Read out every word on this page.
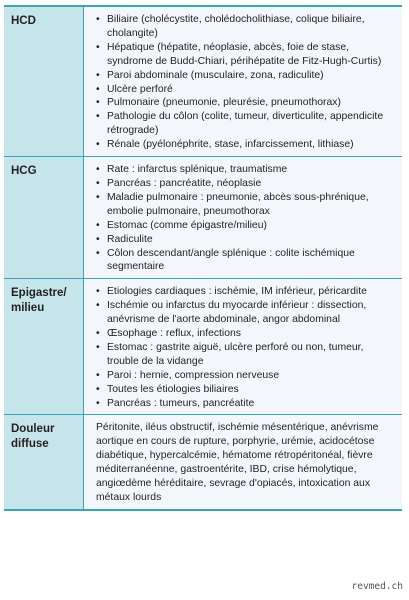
HCD	• Biliaire (cholécystite, cholédocholithiase, colique biliaire, cholangite)
• Hépatique (hépatite, néoplasie, abcès, foie de stase, syndrome de Budd-Chiari, périhépatite de Fitz-Hugh-Curtis)
• Paroi abdominale (musculaire, zona, radiculite)
• Ulcère perforé
• Pulmonaire (pneumonie, pleurésie, pneumothorax)
• Pathologie du côlon (colite, tumeur, diverticulite, appendicite rétrograde)
• Rénale (pyélonéphrite, stase, infarcissement, lithiase)
HCG	• Rate : infarctus splénique, traumatisme
• Pancréas : pancréatite, néoplasie
• Maladie pulmonaire : pneumonie, abcès sous-phrénique, embolie pulmonaire, pneumothorax
• Estomac (comme épigastre/milieu)
• Radiculite
• Côlon descendant/angle splénique : colite ischémique segmentaire
Epigastre/ milieu
• Etiologies cardiaques : ischémie, IM inférieur, péricardite
• Ischémie ou infarctus du myocarde inférieur : dissection, anévrisme de l'aorte abdominale, angor abdominal
• Œsophage : reflux, infections
• Estomac : gastrite aiguë, ulcère perforé ou non, tumeur, trouble de la vidange
• Paroi : hernie, compression nerveuse
• Toutes les étiologies biliaires
• Pancréas : tumeurs, pancréatite
Douleur diffuse

Péritonite, iléus obstructif, ischémie mésentérique, anévrisme aortique en cours de rupture, porphyrie, urémie, acidocétose diabétique, hypercalcémie, hématome rétropéritonéal, fièvre méditerranéenne, gastroentérite, IBD, crise hémolytique, angiœdème héréditaire, sevrage d'opiacés, intoxication aux métaux lourds

revmed.ch
